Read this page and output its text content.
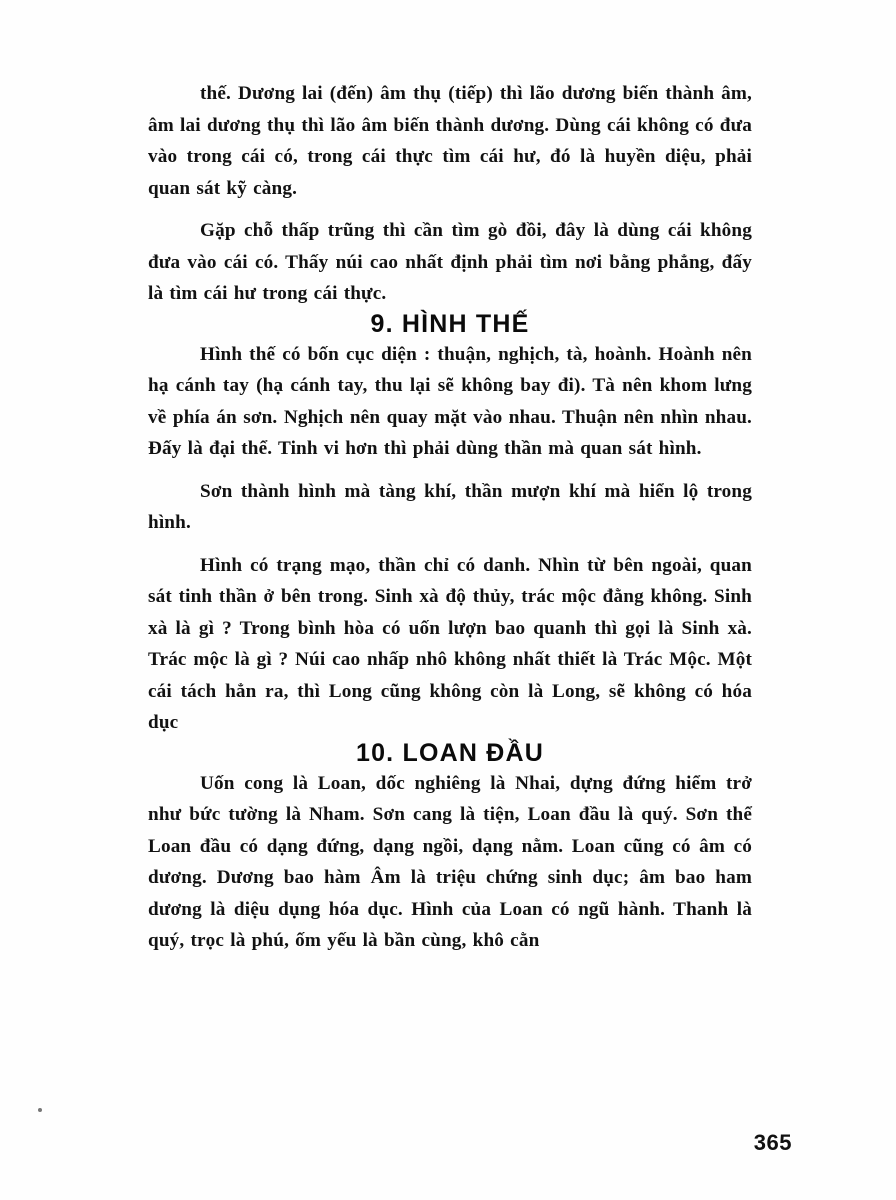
thế. Dương lai (đến) âm thụ (tiếp) thì lão dương biến thành âm, âm lai dương thụ thì lão âm biến thành dương. Dùng cái không có đưa vào trong cái có, trong cái thực tìm cái hư, đó là huyền diệu, phải quan sát kỹ càng.

Gặp chỗ thấp trũng thì cần tìm gò đồi, đây là dùng cái không đưa vào cái có. Thấy núi cao nhất định phải tìm nơi bằng phẳng, đấy là tìm cái hư trong cái thực.

9. HÌNH THẾ

Hình thế có bốn cục diện : thuận, nghịch, tà, hoành. Hoành nên hạ cánh tay (hạ cánh tay, thu lại sẽ không bay đi). Tà nên khom lưng về phía án sơn. Nghịch nên quay mặt vào nhau. Thuận nên nhìn nhau. Đấy là đại thể. Tinh vi hơn thì phải dùng thần mà quan sát hình.

Sơn thành hình mà tàng khí, thần mượn khí mà hiển lộ trong hình.

Hình có trạng mạo, thần chỉ có danh. Nhìn từ bên ngoài, quan sát tinh thần ở bên trong. Sinh xà độ thủy, trác mộc đằng không. Sinh xà là gì ? Trong bình hòa có uốn lượn bao quanh thì gọi là Sinh xà. Trác mộc là gì ? Núi cao nhấp nhô không nhất thiết là Trác Mộc. Một cái tách hẳn ra, thì Long cũng không còn là Long, sẽ không có hóa dục

10. LOAN ĐẦU

Uốn cong là Loan, dốc nghiêng là Nhai, dựng đứng hiểm trở như bức tường là Nham. Sơn cang là tiện, Loan đầu là quý. Sơn thể Loan đầu có dạng đứng, dạng ngồi, dạng nằm. Loan cũng có âm có dương. Dương bao hàm Âm là triệu chứng sinh dục; âm bao ham dương là diệu dụng hóa dục. Hình của Loan có ngũ hành. Thanh là quý, trọc là phú, ốm yếu là bần cùng, khô cằn

365
